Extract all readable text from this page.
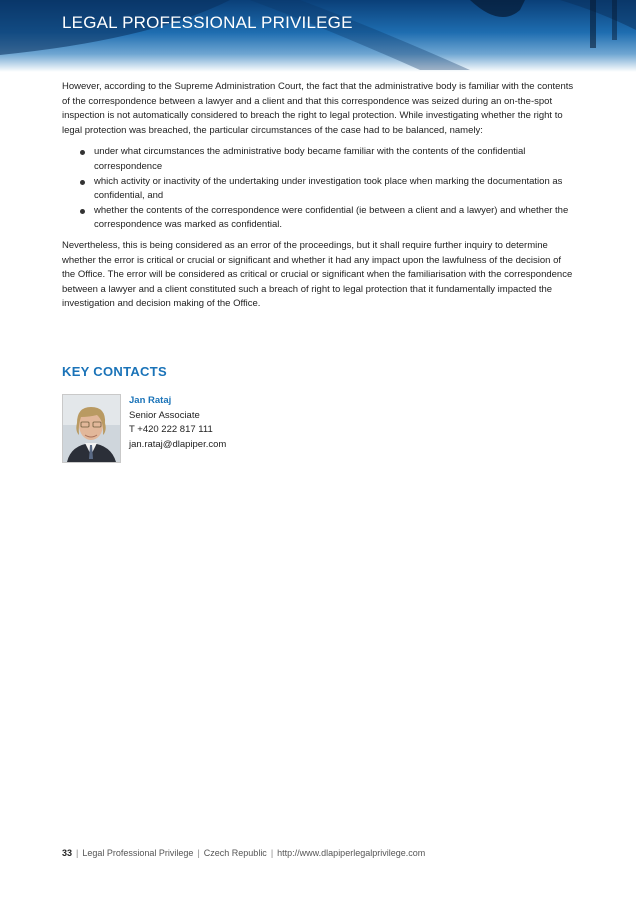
LEGAL PROFESSIONAL PRIVILEGE

However, according to the Supreme Administration Court, the fact that the administrative body is familiar with the contents of the correspondence between a lawyer and a client and that this correspondence was seized during an on-the-spot inspection is not automatically considered to breach the right to legal protection. While investigating whether the right to legal protection was breached, the particular circumstances of the case had to be balanced, namely:

under what circumstances the administrative body became familiar with the contents of the confidential correspondence
which activity or inactivity of the undertaking under investigation took place when marking the documentation as confidential, and
whether the contents of the correspondence were confidential (ie between a client and a lawyer) and whether the correspondence was marked as confidential.

Nevertheless, this is being considered as an error of the proceedings, but it shall require further inquiry to determine whether the error is critical or crucial or significant and whether it had any impact upon the lawfulness of the decision of the Office. The error will be considered as critical or crucial or significant when the familiarisation with the correspondence between a lawyer and a client constituted such a breach of right to legal protection that it fundamentally impacted the investigation and decision making of the Office.

KEY CONTACTS
Jan Rataj
Senior Associate
T +420 222 817 111
jan.rataj@dlapiper.com
33 | Legal Professional Privilege | Czech Republic | http://www.dlapiperlegalprivilege.com
